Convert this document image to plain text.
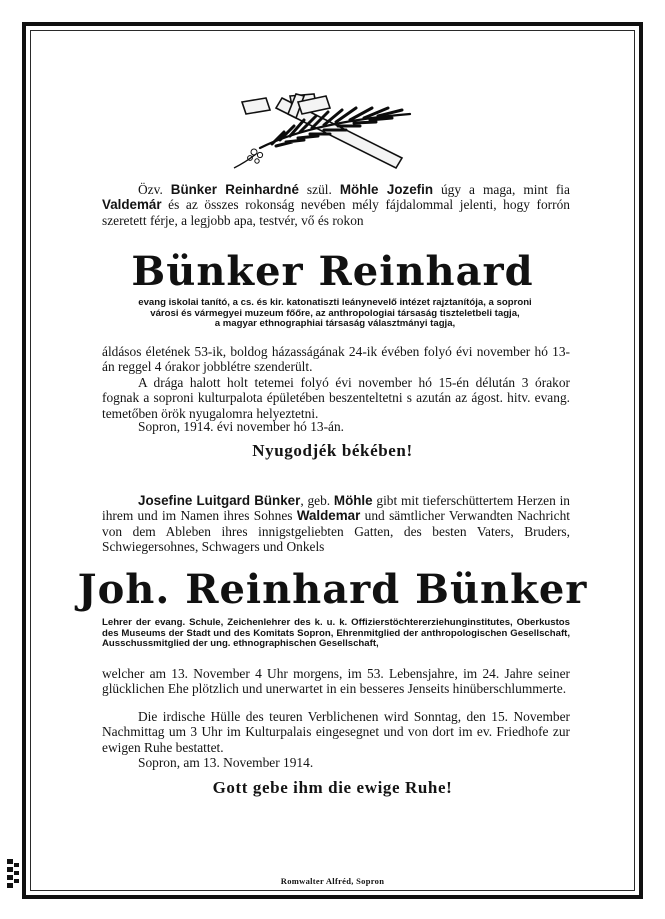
Özv. Bünker Reinhardné szül. Möhle Jozefin úgy a maga, mint fia Valdemár és az összes rokonság nevében mély fájdalommal jelenti, hogy forrón szeretett férje, a legjobb apa, testvér, vő és rokon

Bünker Reinhard
evang iskolai tanító, a cs. és kir. katonatiszti leánynevelő intézet rajztanítója, a soproni
városi és vármegyei muzeum főőre, az anthropologiai társaság tiszteletbeli tagja,
a magyar ethnographiai társaság választmányi tagja,

áldásos életének 53-ik, boldog házasságának 24-ik évében folyó évi november hó 13-án reggel 4 órakor jobblétre szenderült.

A drága halott holt tetemei folyó évi november hó 15-én délután 3 órakor fognak a soproni kulturpalota épületében beszenteltetni s azután az ágost. hitv. evang. temetőben örök nyugalomra helyeztetni.

Sopron, 1914. évi november hó 13-án.

Nyugodjék békében!

Josefine Luitgard Bünker, geb. Möhle gibt mit tieferschüttertem Herzen in ihrem und im Namen ihres Sohnes Waldemar und sämtlicher Verwandten Nachricht von dem Ableben ihres innigstgeliebten Gatten, des besten Vaters, Bruders, Schwiegersohnes, Schwagers und Onkels

Joh. Reinhard Bünker
Lehrer der evang. Schule, Zeichenlehrer des k. u. k. Offizierstöchtererziehunginstitutes, Oberkustos des Museums der Stadt und des Komitats Sopron, Ehrenmitglied der anthropologischen Gesellschaft, Ausschussmitglied der ung. ethnographischen Gesellschaft,

welcher am 13. November 4 Uhr morgens, im 53. Lebensjahre, im 24. Jahre seiner glücklichen Ehe plötzlich und unerwartet in ein besseres Jenseits hinüberschlummerte.

Die irdische Hülle des teuren Verblichenen wird Sonntag, den 15. November Nachmittag um 3 Uhr im Kulturpalais eingesegnet und von dort im ev. Friedhofe zur ewigen Ruhe bestattet.

Sopron, am 13. November 1914.

Gott gebe ihm die ewige Ruhe!
Romwalter Alfréd, Sopron
